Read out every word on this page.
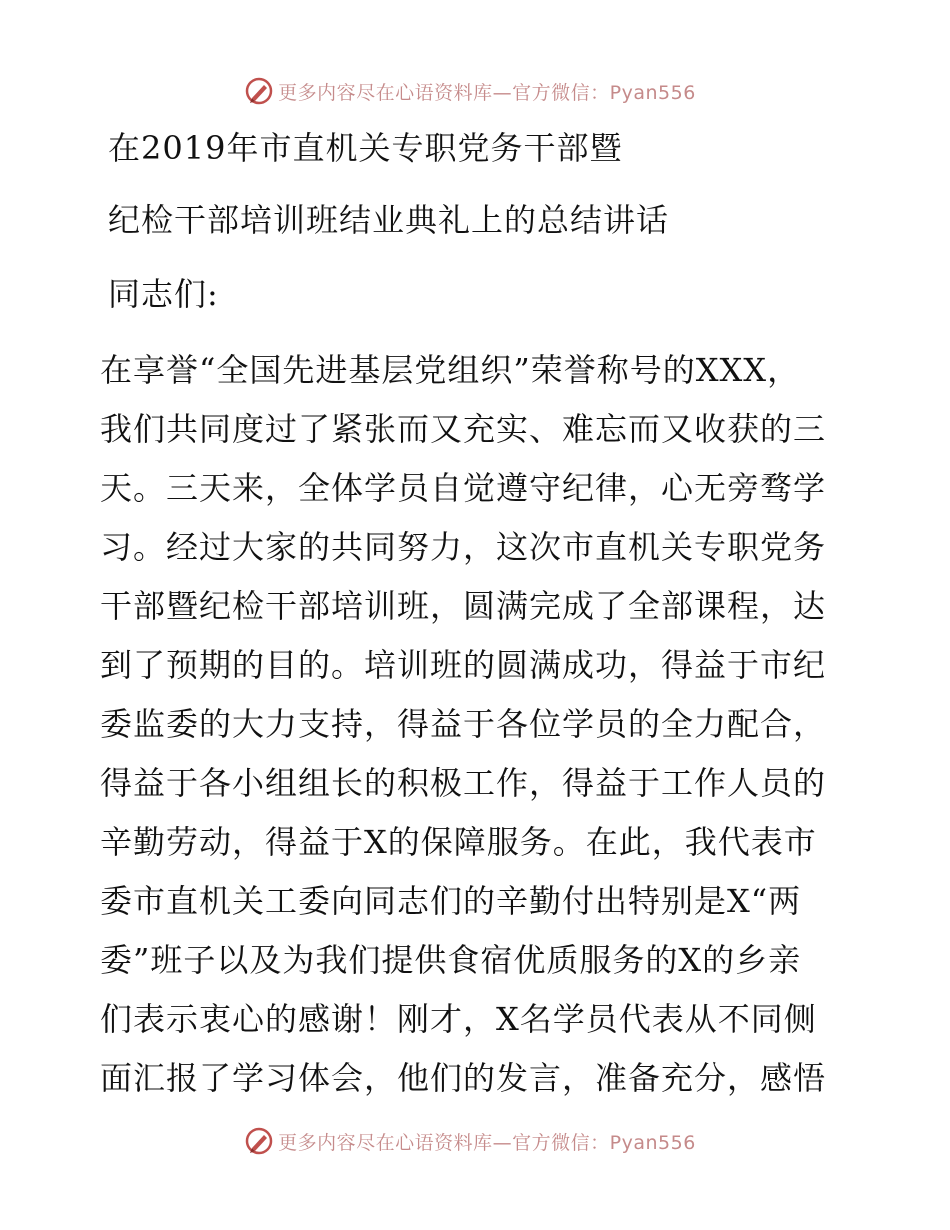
更多内容尽在心语资料库—官方微信：Pyan556
在2019年市直机关专职党务干部暨
纪检干部培训班结业典礼上的总结讲话
同志们:
在享誉“全国先进基层党组织”荣誉称号的XXX，
我们共同度过了紧张而又充实、难忘而又收获的三
天。三天来，全体学员自觉遵守纪律，心无旁骛学
习。经过大家的共同努力，这次市直机关专职党务
干部暨纪检干部培训班，圆满完成了全部课程，达
到了预期的目的。培训班的圆满成功，得益于市纪
委监委的大力支持，得益于各位学员的全力配合，
得益于各小组组长的积极工作，得益于工作人员的
辛勤劳动，得益于X的保障服务。在此，我代表市
委市直机关工委向同志们的辛勤付出特别是X“两
委”班子以及为我们提供食宿优质服务的X的乡亲
们表示衷心的感谢！刚才，X名学员代表从不同侧
面汇报了学习体会，他们的发言，准备充分，感悟
更多内容尽在心语资料库—官方微信：Pyan556
